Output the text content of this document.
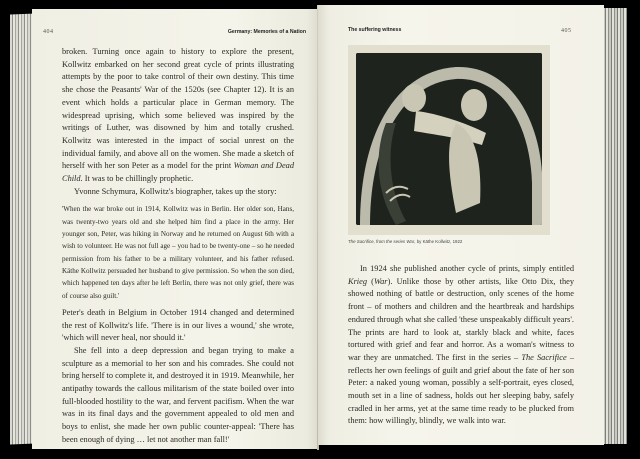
404	Germany: Memories of a Nation

broken. Turning once again to history to explore the present, Kollwitz embarked on her second great cycle of prints illustrating attempts by the poor to take control of their own destiny. This time she chose the Peasants' War of the 1520s (see Chapter 12). It is an event which holds a particular place in German memory. The widespread uprising, which some believed was inspired by the writings of Luther, was disowned by him and totally crushed. Kollwitz was interested in the impact of social unrest on the individual family, and above all on the women. She made a sketch of herself with her son Peter as a model for the print Woman and Dead Child. It was to be chillingly prophetic.

Yvonne Schymura, Kollwitz's biographer, takes up the story:

'When the war broke out in 1914, Kollwitz was in Berlin. Her older son, Hans, was twenty-two years old and she helped him find a place in the army. Her younger son, Peter, was hiking in Norway and he returned on August 6th with a wish to volunteer. He was not full age – you had to be twenty-one – so he needed permission from his father to be a military volunteer, and his father refused. Käthe Kollwitz persuaded her husband to give permission. So when the son died, which happened ten days after he left Berlin, there was not only grief, there was of course also guilt.'

Peter's death in Belgium in October 1914 changed and determined the rest of Kollwitz's life. 'There is in our lives a wound,' she wrote, 'which will never heal, nor should it.'

She fell into a deep depression and began trying to make a sculpture as a memorial to her son and his comrades. She could not bring herself to complete it, and destroyed it in 1919. Meanwhile, her antipathy towards the callous militarism of the state boiled over into full-blooded hostility to the war, and fervent pacifism. When the war was in its final days and the government appealed to old men and boys to enlist, she made her own public counter-appeal: 'There has been enough of dying … let not another man fall!'

The suffering witness	405
The Sacrifice, from the series War, by Käthe Kollwitz, 1922

In 1924 she published another cycle of prints, simply entitled Krieg (War). Unlike those by other artists, like Otto Dix, they showed nothing of battle or destruction, only scenes of the home front – of mothers and children and the heartbreak and hardships endured through what she called 'these unspeakably difficult years'. The prints are hard to look at, starkly black and white, faces tortured with grief and fear and horror. As a woman's witness to war they are unmatched. The first in the series – The Sacrifice – reflects her own feelings of guilt and grief about the fate of her son Peter: a naked young woman, possibly a self-portrait, eyes closed, mouth set in a line of sadness, holds out her sleeping baby, safely cradled in her arms, yet at the same time ready to be plucked from them: how willingly, blindly, we walk into war.
